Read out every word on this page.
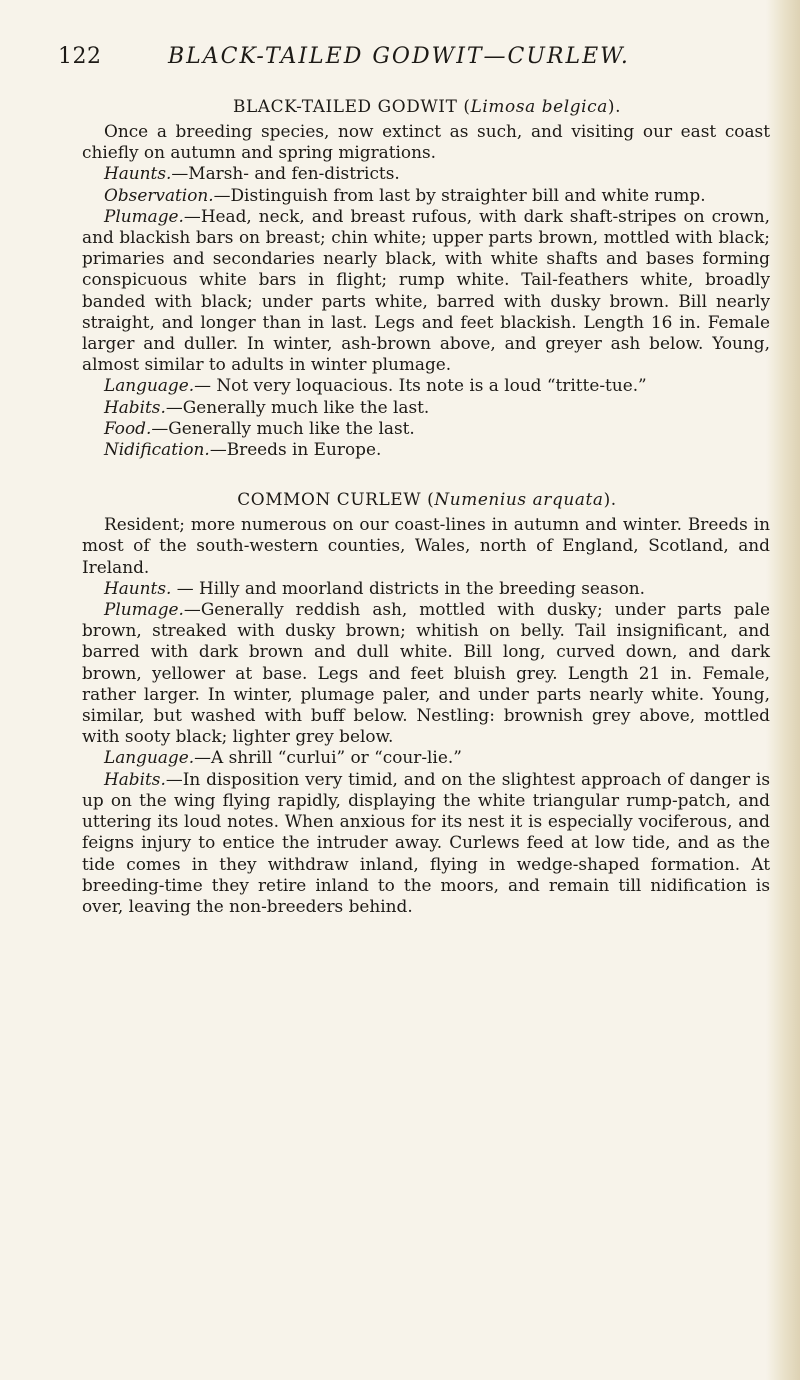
122	BLACK-TAILED GODWIT—CURLEW.
BLACK-TAILED GODWIT (Limosa belgica).

Once a breeding species, now extinct as such, and visiting our east coast chiefly on autumn and spring migrations.

Haunts.—Marsh- and fen-districts.

Observation.—Distinguish from last by straighter bill and white rump.

Plumage.—Head, neck, and breast rufous, with dark shaft-stripes on crown, and blackish bars on breast; chin white; upper parts brown, mottled with black; primaries and secondaries nearly black, with white shafts and bases forming conspicuous white bars in flight; rump white. Tail-feathers white, broadly banded with black; under parts white, barred with dusky brown. Bill nearly straight, and longer than in last. Legs and feet blackish. Length 16 in. Female larger and duller. In winter, ash-brown above, and greyer ash below. Young, almost similar to adults in winter plumage.

Language.— Not very loquacious. Its note is a loud “tritte-tue.”

Habits.—Generally much like the last.

Food.—Generally much like the last.

Nidification.—Breeds in Europe.

COMMON CURLEW (Numenius arquata).

Resident; more numerous on our coast-lines in autumn and winter. Breeds in most of the south-western counties, Wales, north of England, Scotland, and Ireland.

Haunts. — Hilly and moorland districts in the breeding season.

Plumage.—Generally reddish ash, mottled with dusky; under parts pale brown, streaked with dusky brown; whitish on belly. Tail insignificant, and barred with dark brown and dull white. Bill long, curved down, and dark brown, yellower at base. Legs and feet bluish grey. Length 21 in. Female, rather larger. In winter, plumage paler, and under parts nearly white. Young, similar, but washed with buff below. Nestling: brownish grey above, mottled with sooty black; lighter grey below.

Language.—A shrill “curlui” or “cour-lie.”

Habits.—In disposition very timid, and on the slightest approach of danger is up on the wing flying rapidly, displaying the white triangular rump-patch, and uttering its loud notes. When anxious for its nest it is especially vociferous, and feigns injury to entice the intruder away. Curlews feed at low tide, and as the tide comes in they withdraw inland, flying in wedge-shaped formation. At breeding-time they retire inland to the moors, and remain till nidification is over, leaving the non-breeders behind.
